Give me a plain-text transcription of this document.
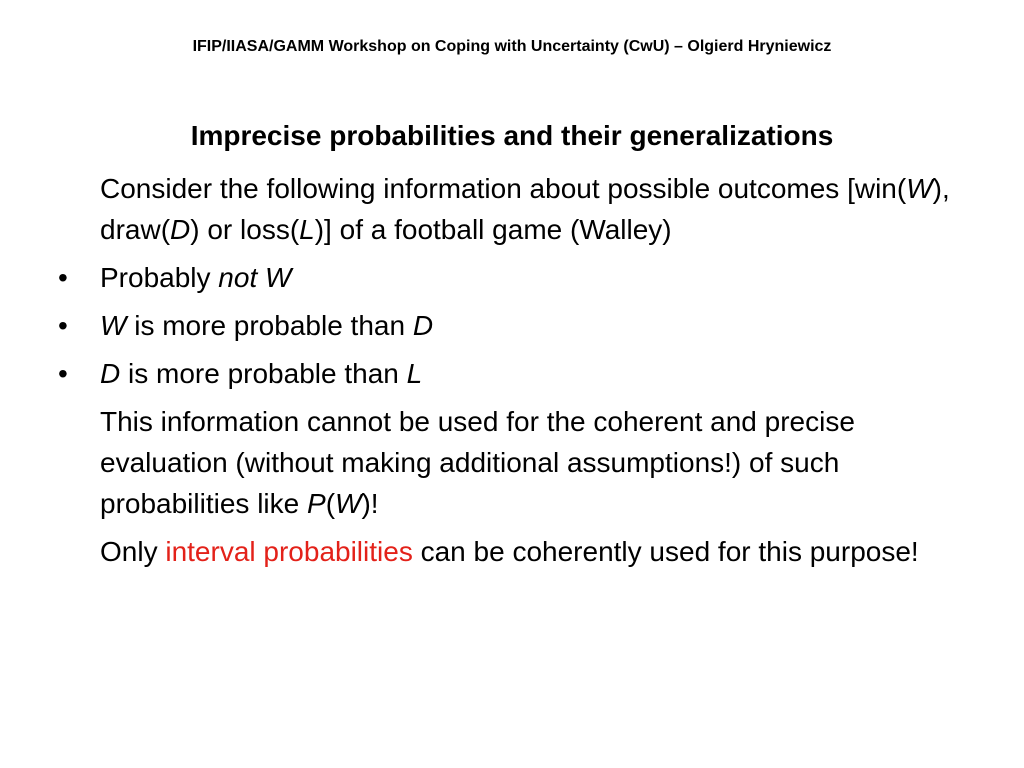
IFIP/IIASA/GAMM Workshop on Coping with Uncertainty (CwU) – Olgierd Hryniewicz
Imprecise probabilities and their generalizations

Consider the following information about possible outcomes [win(W), draw(D) or loss(L)] of a football game (Walley)

• Probably not W
• W is more probable than D
• D is more probable than L

This information cannot be used for the coherent and precise evaluation (without making additional assumptions!) of such probabilities like P(W)!

Only interval probabilities can be coherently used for this purpose!
